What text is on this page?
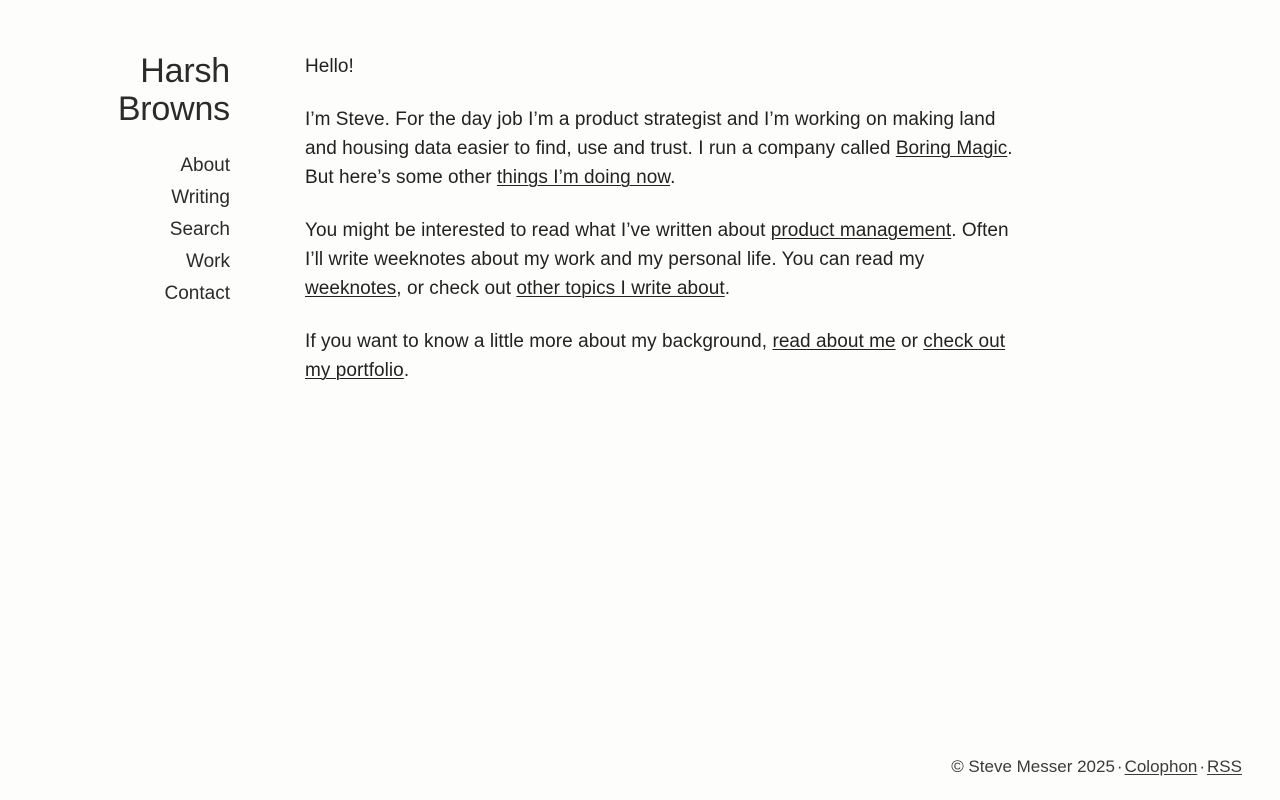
Harsh Browns
About
Writing
Search
Work
Contact

Hello!

I’m Steve. For the day job I’m a product strategist and I’m working on making land and housing data easier to find, use and trust. I run a company called Boring Magic. But here’s some other things I’m doing now.

You might be interested to read what I’ve written about product management. Often I’ll write weeknotes about my work and my personal life. You can read my weeknotes, or check out other topics I write about.

If you want to know a little more about my background, read about me or check out my portfolio.

© Steve Messer 2025 · Colophon · RSS
